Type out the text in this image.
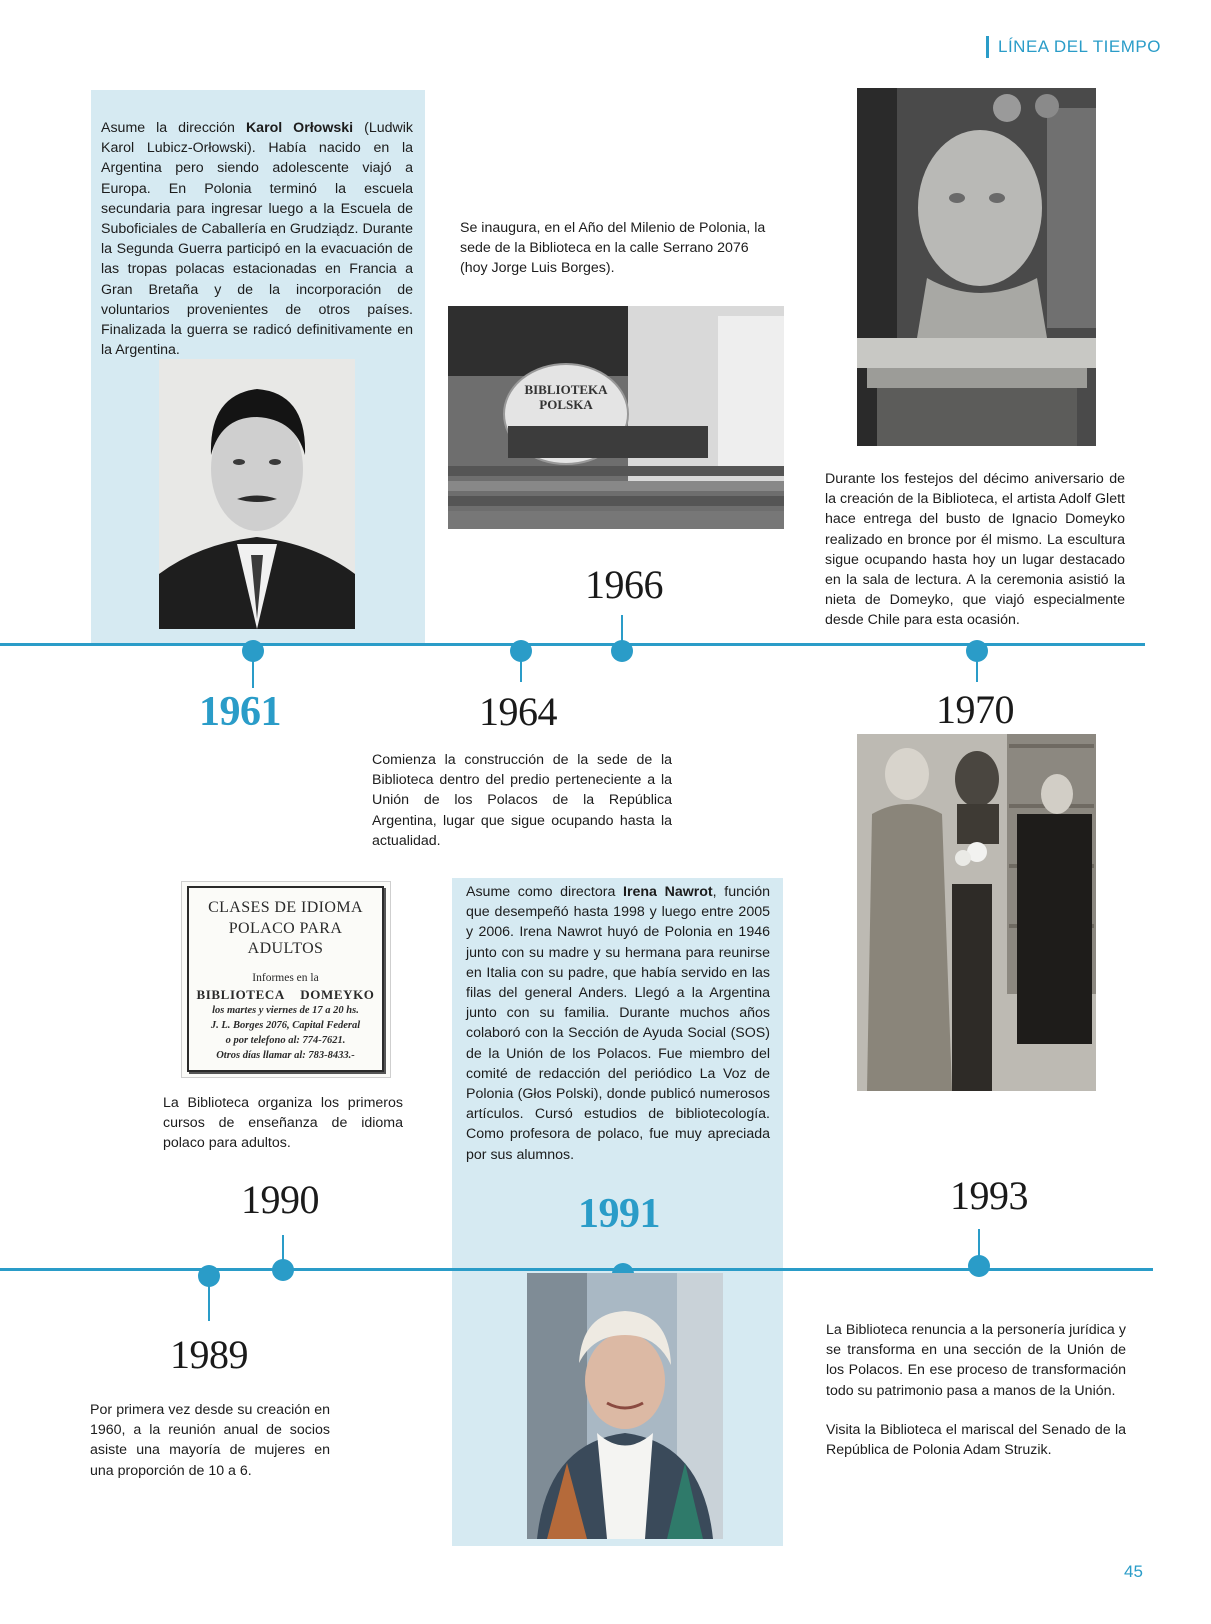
LÍNEA DEL TIEMPO
Asume la dirección Karol Orłowski (Ludwik Karol Lubicz-Orłowski). Había nacido en la Argentina pero siendo adolescente viajó a Europa. En Polonia terminó la escuela secundaria para ingresar luego a la Escuela de Suboficiales de Caballería en Grudziądz. Durante la Segunda Guerra participó en la evacuación de las tropas polacas estacionadas en Francia a Gran Bretaña y de la incorporación de voluntarios provenientes de otros países. Finalizada la guerra se radicó definitivamente en la Argentina.
Se inaugura, en el Año del Milenio de Polonia, la sede de la Biblioteca en la calle Serrano 2076 (hoy Jorge Luis Borges).
BIBLIOTEKA
POLSKA
Durante los festejos del décimo aniversario de la creación de la Biblioteca, el artista Adolf Glett hace entrega del busto de Ignacio Domeyko realizado en bronce por él mismo. La escultura sigue ocupando hasta hoy un lugar destacado en la sala de lectura. A la ceremonia asistió la nieta de Domeyko, que viajó especialmente desde Chile para esta ocasión.
1961	1964
1966
1970
Comienza la construcción de la sede de la Biblioteca dentro del predio perteneciente a la Unión de los Polacos de la República Argentina, lugar que sigue ocupando hasta la actualidad.
CLASES DE IDIOMA
POLACO PARA
ADULTOS
Informes en la
BIBLIOTECA DOMEYKO
los martes y viernes de 17 a 20 hs.
J. L. Borges 2076, Capital Federal
o por telefono al: 774-7621.
Otros días llamar al: 783-8433.-
La Biblioteca organiza los primeros cursos de enseñanza de idioma polaco para adultos.
Asume como directora Irena Nawrot, función que desempeñó hasta 1998 y luego entre 2005 y 2006. Irena Nawrot huyó de Polonia en 1946 junto con su madre y su hermana para reunirse en Italia con su padre, que había servido en las filas del general Anders. Llegó a la Argentina junto con su familia. Durante muchos años colaboró con la Sección de Ayuda Social (SOS) de la Unión de los Polacos. Fue miembro del comité de redacción del periódico La Voz de Polonia (Głos Polski), donde publicó numerosos artículos. Cursó estudios de bibliotecología. Como profesora de polaco, fue muy apreciada por sus alumnos.
1990
1989
1991	1993
Por primera vez desde su creación en 1960, a la reunión anual de socios asiste una mayoría de mujeres en una proporción de 10 a 6.
La Biblioteca renuncia a la personería jurídica y se transforma en una sección de la Unión de los Polacos. En ese proceso de transformación todo su patrimonio pasa a manos de la Unión.
Visita la Biblioteca el mariscal del Senado de la República de Polonia Adam Struzik.
45
